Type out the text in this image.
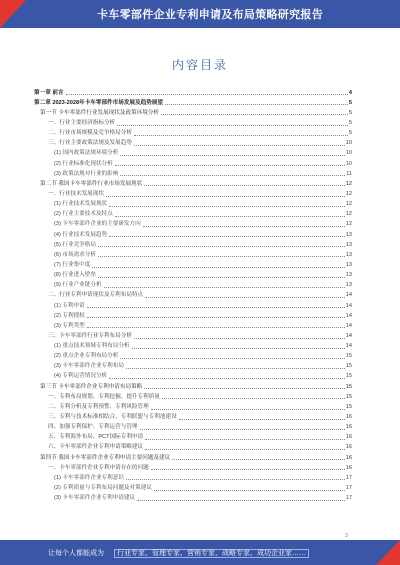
卡车零部件企业专利申请及布局策略研究报告
内容目录
第一章 前言	4
第二章 2023-2028年卡车零部件市场发展及趋势展望	5
第一节 卡车零部件行业发展现状及政策环境分析	5
一、行业主要经济指标分析	5
二、行业市场规模及竞争格局分析	5
三、行业主要政策法规及发展趋势	10
(1) 国内政策法规环境分析	10
(2) 行业标准化现状分析	10
(3) 政策法规对行业的影响	11
第二节 我国卡车零部件行业市场发展现状	12
一、行业技术发展现状	12
(1) 行业技术发展现状	12
(2) 行业主要技术及特点	12
(3) 卡车零部件企业的主要研发方向	12
(4) 行业技术发展趋势	13
(5) 行业竞争格局	13
(6) 市场需求分析	13
(7) 行业集中度	13
(8) 行业进入壁垒	13
(9) 行业产业链分析	13
二、行业专利申请现状及专利布局特点	14
(1) 专利申请	14
(2) 专利授权	14
(3) 专利类型	14
三、卡车零部件行业专利布局分析	14
(1) 重点技术领域专利布局分析	14
(2) 重点企业专利布局分析	15
(3) 卡车零部件企业专利布局	15
(4) 专利运营情况分析	15
第三节 卡车零部件企业专利申请布局策略	15
一、专利布局规划、专利挖掘、提升专利质量	15
二、专利分析及专利预警、专利风险管理	15
三、专利与技术标准相结合、专利联盟与专利池建设	16
四、加强专利保护、专利运营与管理	16
五、专利海外布局、PCT国际专利申请	16
六、卡车零部件企业专利申请策略建议	16
第四节 我国卡车零部件企业专利申请主要问题及建议	16
一、卡车零部件企业专利申请存在的问题	16
(1) 卡车零部件企业专利意识	17
(2) 专利质量与专利布局问题及对策建议	17
(3) 卡车零部件企业专利申请建议	17
3
让每个人都能成为 行业专家、管理专家、营销专家、战略专家、成功企业家……
